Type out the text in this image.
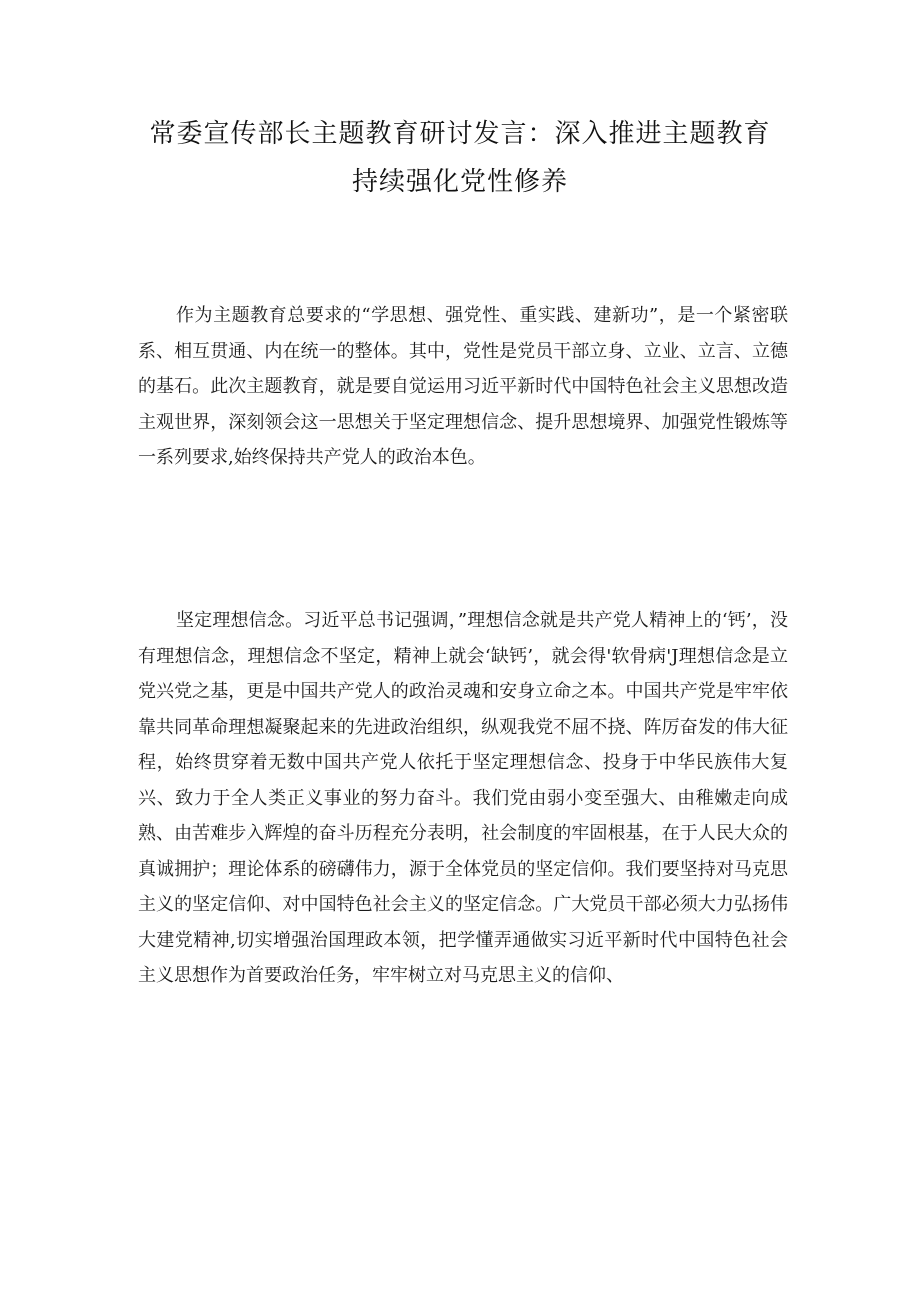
常委宣传部长主题教育研讨发言：深入推进主题教育
持续强化党性修养

作为主题教育总要求的“学思想、强党性、重实践、建新功”，是一个紧密联系、相互贯通、内在统一的整体。其中，党性是党员干部立身、立业、立言、立德的基石。此次主题教育，就是要自觉运用习近平新时代中国特色社会主义思想改造主观世界，深刻领会这一思想关于坚定理想信念、提升思想境界、加强党性锻炼等一系列要求,始终保持共产党人的政治本色。

坚定理想信念。习近平总书记强调，”理想信念就是共产党人精神上的‘钙’，没有理想信念，理想信念不坚定，精神上就会‘缺钙’，就会得'软骨病'J理想信念是立党兴党之基，更是中国共产党人的政治灵魂和安身立命之本。中国共产党是牢牢依靠共同革命理想凝聚起来的先进政治组织，纵观我党不屈不挠、阵厉奋发的伟大征程，始终贯穿着无数中国共产党人依托于坚定理想信念、投身于中华民族伟大复兴、致力于全人类正义事业的努力奋斗。我们党由弱小变至强大、由稚嫩走向成熟、由苦难步入辉煌的奋斗历程充分表明，社会制度的牢固根基，在于人民大众的真诚拥护；理论体系的磅礴伟力，源于全体党员的坚定信仰。我们要坚持对马克思主义的坚定信仰、对中国特色社会主义的坚定信念。广大党员干部必须大力弘扬伟大建党精神,切实增强治国理政本领，把学懂弄通做实习近平新时代中国特色社会主义思想作为首要政治任务，牢牢树立对马克思主义的信仰、
